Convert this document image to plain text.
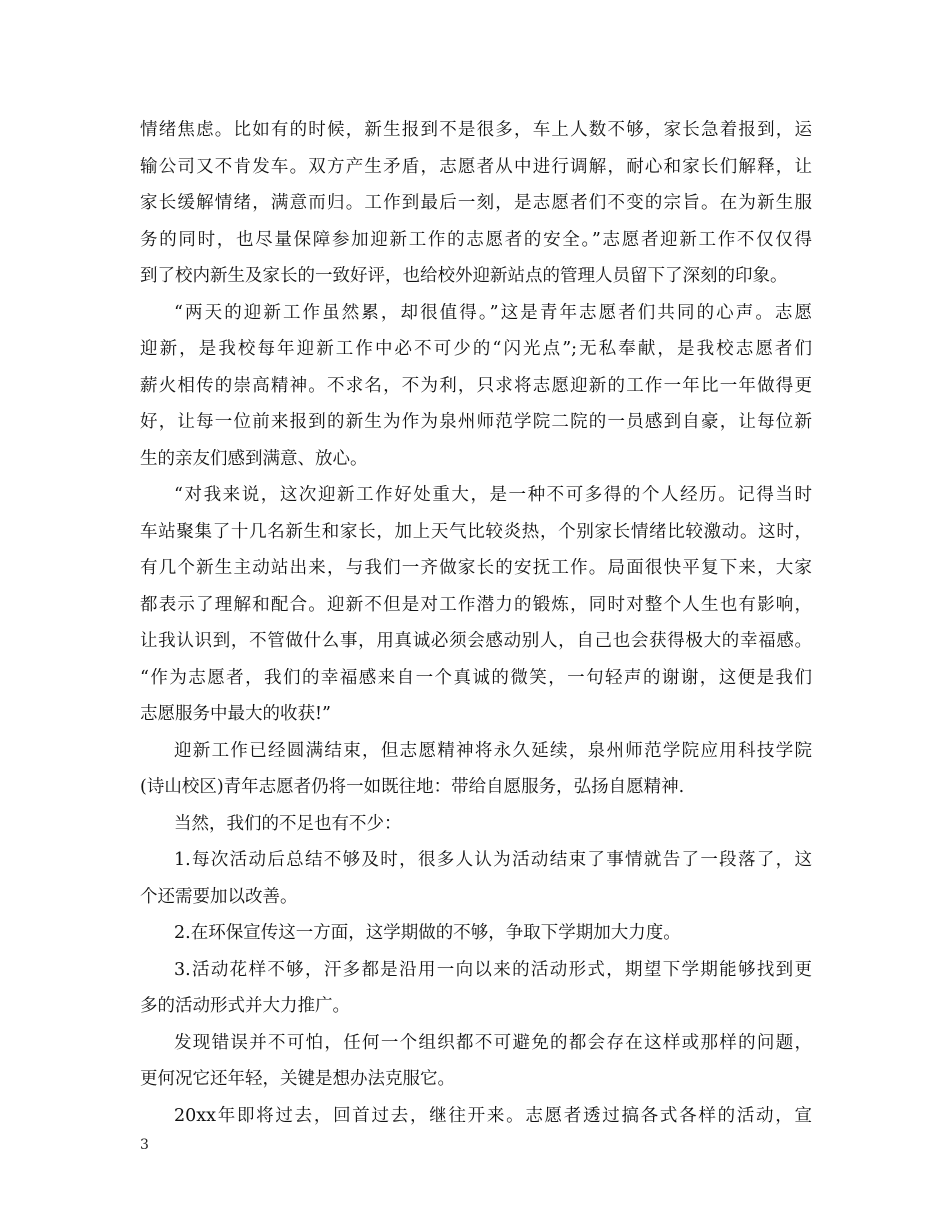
情绪焦虑。比如有的时候，新生报到不是很多，车上人数不够，家长急着报到，运
输公司又不肯发车。双方产生矛盾，志愿者从中进行调解，耐心和家长们解释，让
家长缓解情绪，满意而归。工作到最后一刻，是志愿者们不变的宗旨。在为新生服
务的同时，也尽量保障参加迎新工作的志愿者的安全。”志愿者迎新工作不仅仅得
到了校内新生及家长的一致好评，也给校外迎新站点的管理人员留下了深刻的印象。
“两天的迎新工作虽然累，却很值得。”这是青年志愿者们共同的心声。志愿
迎新，是我校每年迎新工作中必不可少的“闪光点”;无私奉献，是我校志愿者们
薪火相传的崇高精神。不求名，不为利，只求将志愿迎新的工作一年比一年做得更
好，让每一位前来报到的新生为作为泉州师范学院二院的一员感到自豪，让每位新
生的亲友们感到满意、放心。
“对我来说，这次迎新工作好处重大，是一种不可多得的个人经历。记得当时
车站聚集了十几名新生和家长，加上天气比较炎热，个别家长情绪比较激动。这时，
有几个新生主动站出来，与我们一齐做家长的安抚工作。局面很快平复下来，大家
都表示了理解和配合。迎新不但是对工作潜力的锻炼，同时对整个人生也有影响，
让我认识到，不管做什么事，用真诚必须会感动别人，自己也会获得极大的幸福感。
“作为志愿者，我们的幸福感来自一个真诚的微笑，一句轻声的谢谢，这便是我们
志愿服务中最大的收获!”
迎新工作已经圆满结束，但志愿精神将永久延续，泉州师范学院应用科技学院
(诗山校区)青年志愿者仍将一如既往地：带给自愿服务，弘扬自愿精神.
当然，我们的不足也有不少：
1.每次活动后总结不够及时，很多人认为活动结束了事情就告了一段落了，这
个还需要加以改善。
2.在环保宣传这一方面，这学期做的不够，争取下学期加大力度。
3.活动花样不够，汗多都是沿用一向以来的活动形式，期望下学期能够找到更
多的活动形式并大力推广。
发现错误并不可怕，任何一个组织都不可避免的都会存在这样或那样的问题，
更何况它还年轻，关键是想办法克服它。
20xx年即将过去，回首过去，继往开来。志愿者透过搞各式各样的活动，宣
3
